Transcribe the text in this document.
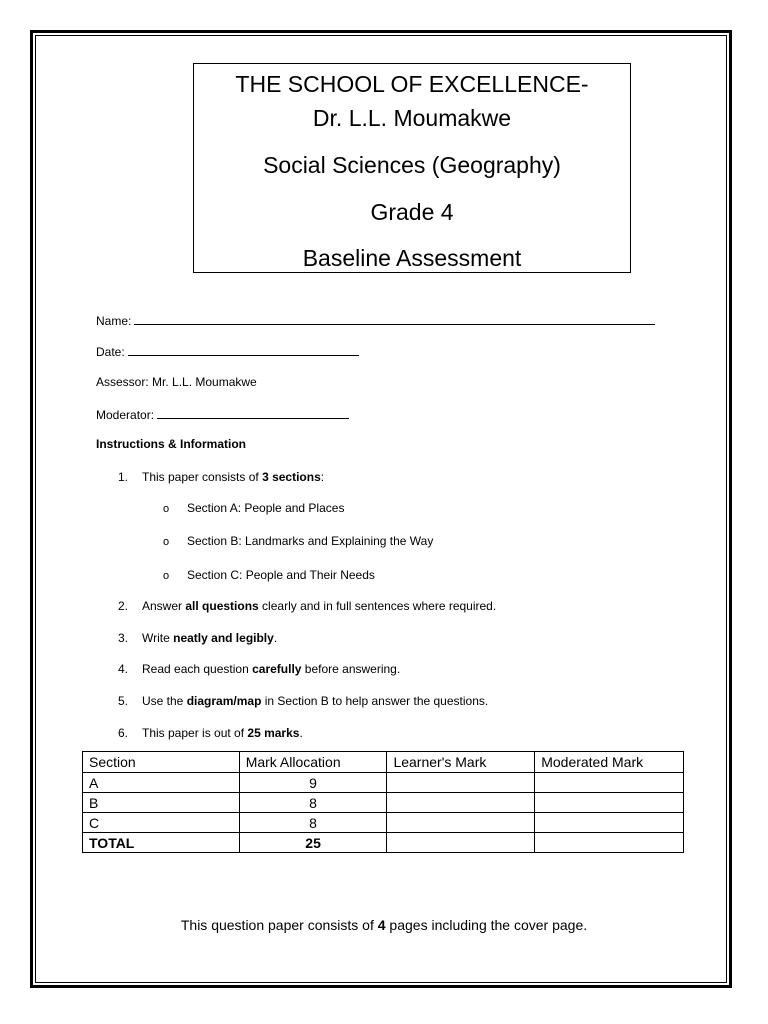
THE SCHOOL OF EXCELLENCE-
Dr. L.L. Moumakwe
Social Sciences (Geography)
Grade 4
Baseline Assessment
Name:
Date:
Assessor: Mr. L.L. Moumakwe
Moderator:
Instructions & Information
1. This paper consists of 3 sections:
o Section A: People and Places
o Section B: Landmarks and Explaining the Way
o Section C: People and Their Needs
2. Answer all questions clearly and in full sentences where required.
3. Write neatly and legibly.
4. Read each question carefully before answering.
5. Use the diagram/map in Section B to help answer the questions.
6. This paper is out of 25 marks.
Section	Mark Allocation	Learner's Mark	Moderated Mark
A	9		
B	8		
C	8		
TOTAL	25		
This question paper consists of 4 pages including the cover page.
